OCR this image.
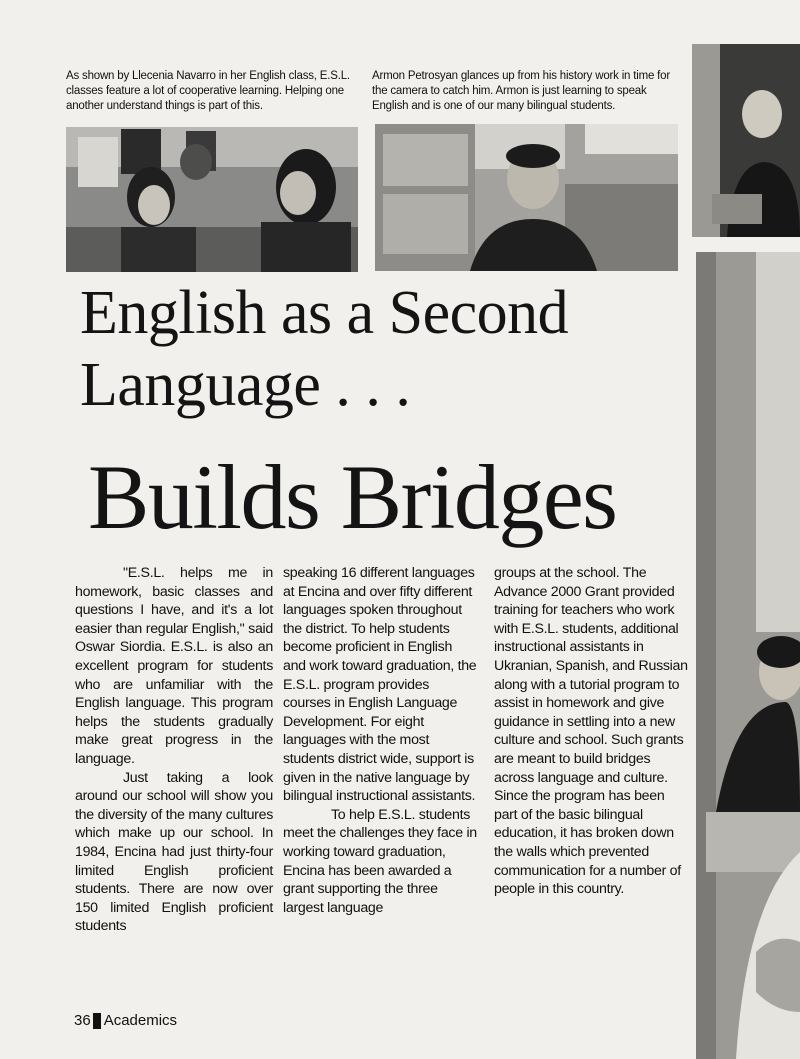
As shown by Llecenia Navarro in her English class, E.S.L. classes feature a lot of cooperative learning. Helping one another understand things is part of this.
Armon Petrosyan glances up from his history work in time for the camera to catch him. Armon is just learning to speak English and is one of our many bilingual students.
English as a Second
Language . . .
Builds Bridges

"E.S.L. helps me in homework, basic classes and questions I have, and it's a lot easier than regular English," said Oswar Siordia. E.S.L. is also an excellent program for students who are unfamiliar with the English language. This program helps the students gradually make great progress in the language.

Just taking a look around our school will show you the diversity of the many cultures which make up our school. In 1984, Encina had just thirty-four limited English proficient students. There are now over 150 limited English proficient students

speaking 16 different languages at Encina and over fifty different languages spoken throughout the district. To help students become proficient in English and work toward graduation, the E.S.L. program provides courses in English Language Development. For eight languages with the most students district wide, support is given in the native language by bilingual instructional assistants.

To help E.S.L. students meet the challenges they face in working toward graduation, Encina has been awarded a grant supporting the three largest language

groups at the school. The Advance 2000 Grant provided training for teachers who work with E.S.L. students, additional instructional assistants in Ukranian, Spanish, and Russian along with a tutorial program to assist in homework and give guidance in settling into a new culture and school. Such grants are meant to build bridges across language and culture.

Since the program has been part of the basic bilingual education, it has broken down the walls which prevented communication for a number of people in this country.

36 Academics
